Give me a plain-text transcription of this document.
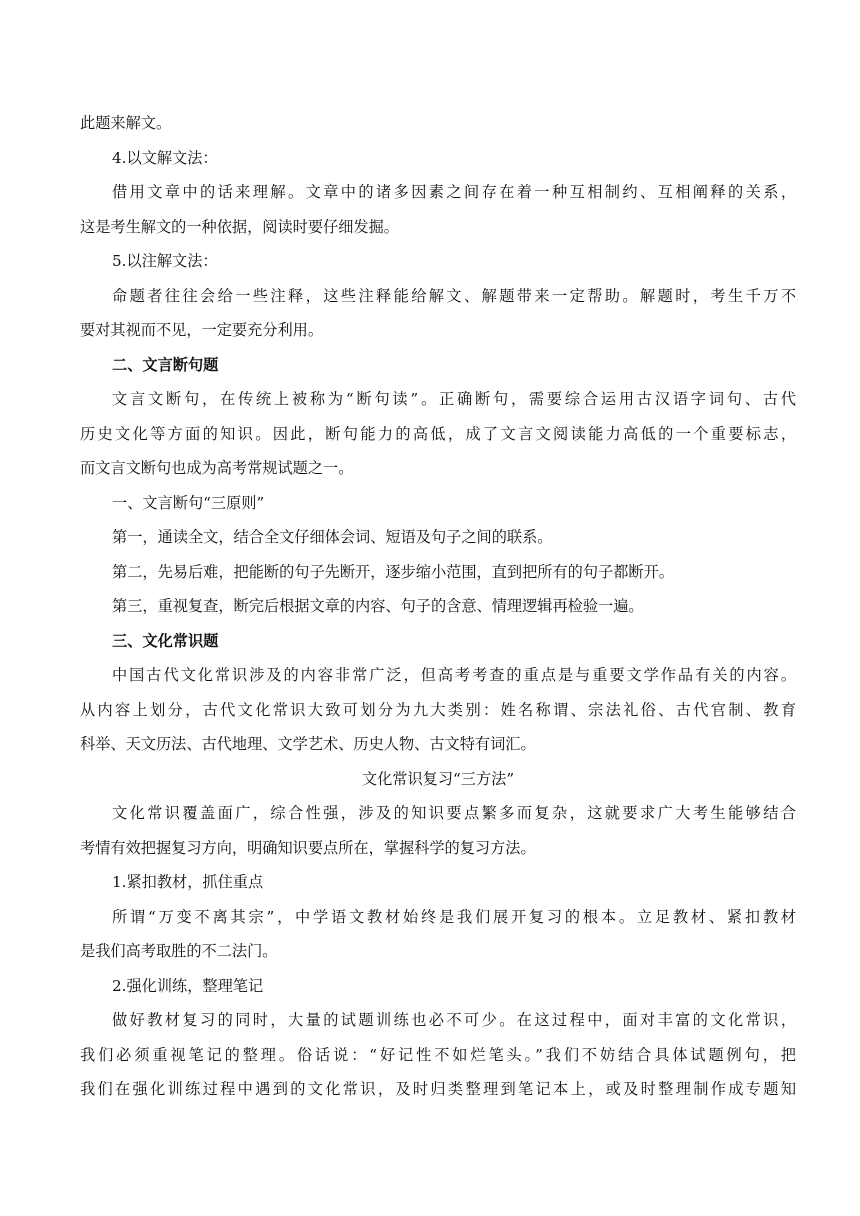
此题来解文。

4.以文解文法：

借用文章中的话来理解。文章中的诸多因素之间存在着一种互相制约、互相阐释的关系，

这是考生解文的一种依据，阅读时要仔细发掘。

5.以注解文法：

命题者往往会给一些注释，这些注释能给解文、解题带来一定帮助。解题时，考生千万不

要对其视而不见，一定要充分利用。

二、文言断句题

文言文断句，在传统上被称为“断句读”。正确断句，需要综合运用古汉语字词句、古代

历史文化等方面的知识。因此，断句能力的高低，成了文言文阅读能力高低的一个重要标志，

而文言文断句也成为高考常规试题之一。

一、文言断句“三原则”

第一，通读全文，结合全文仔细体会词、短语及句子之间的联系。

第二，先易后难，把能断的句子先断开，逐步缩小范围，直到把所有的句子都断开。

第三，重视复查，断完后根据文章的内容、句子的含意、情理逻辑再检验一遍。

三、文化常识题

中国古代文化常识涉及的内容非常广泛，但高考考查的重点是与重要文学作品有关的内容。

从内容上划分，古代文化常识大致可划分为九大类别：姓名称谓、宗法礼俗、古代官制、教育

科举、天文历法、古代地理、文学艺术、历史人物、古文特有词汇。

文化常识复习“三方法”

文化常识覆盖面广，综合性强，涉及的知识要点繁多而复杂，这就要求广大考生能够结合

考情有效把握复习方向，明确知识要点所在，掌握科学的复习方法。

1.紧扣教材，抓住重点

所谓“万变不离其宗”，中学语文教材始终是我们展开复习的根本。立足教材、紧扣教材

是我们高考取胜的不二法门。

2.强化训练，整理笔记

做好教材复习的同时，大量的试题训练也必不可少。在这过程中，面对丰富的文化常识，

我们必须重视笔记的整理。俗话说：“好记性不如烂笔头。”我们不妨结合具体试题例句，把

我们在强化训练过程中遇到的文化常识，及时归类整理到笔记本上，或及时整理制作成专题知
